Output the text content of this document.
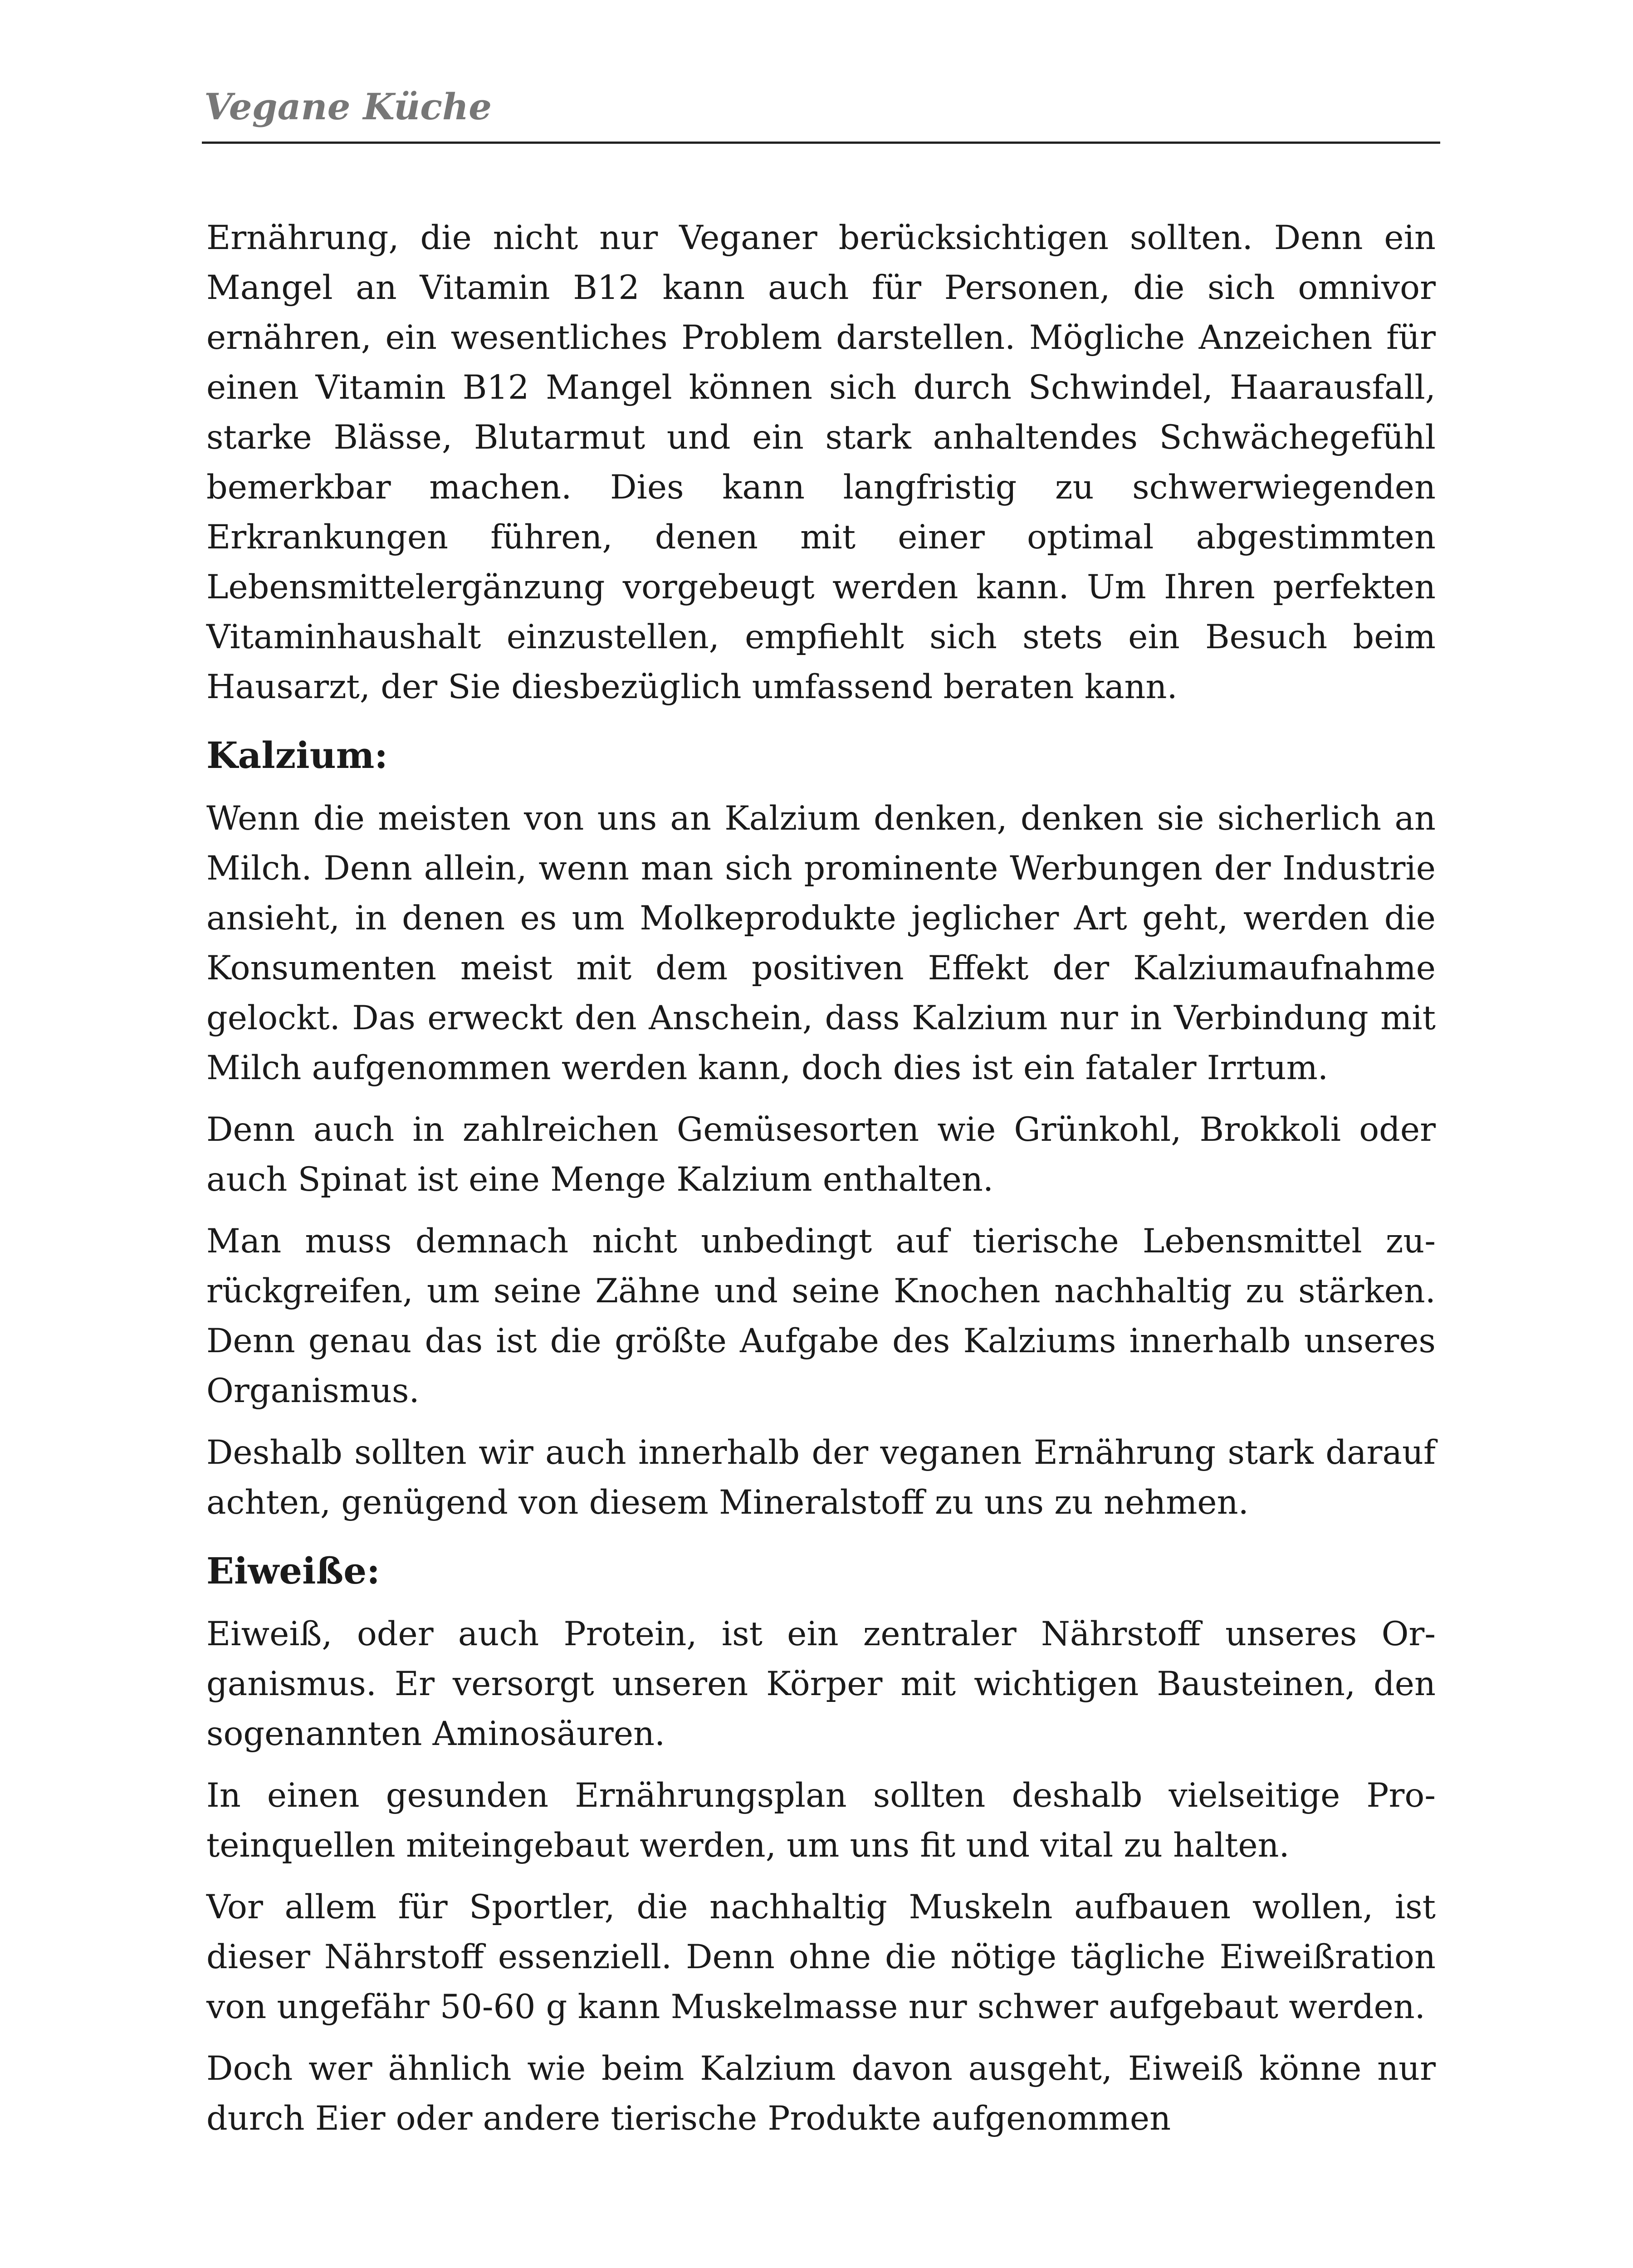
Vegane Küche

Ernährung, die nicht nur Veganer berücksichtigen sollten. Denn ein Mangel an Vitamin B12 kann auch für Personen, die sich omnivor ernähren, ein wesentliches Problem darstellen. Mögliche Anzeichen für einen Vitamin B12 Mangel können sich durch Schwindel, Haarausfall, starke Blässe, Blutarmut und ein stark anhaltendes Schwächegefühl bemerkbar machen. Dies kann langfristig zu schwerwiegenden Erkrankungen führen, denen mit einer optimal abgestimmten Lebensmittelergänzung vorgebeugt werden kann. Um Ihren perfekten Vitaminhaushalt einzustellen, empfiehlt sich stets ein Besuch beim Hausarzt, der Sie diesbezüglich umfassend beraten kann.

Kalzium:

Wenn die meisten von uns an Kalzium denken, denken sie sicherlich an Milch. Denn allein, wenn man sich prominente Werbungen der Industrie ansieht, in denen es um Molkeprodukte jeglicher Art geht, werden die Konsumenten meist mit dem positiven Effekt der Kalziumaufnahme gelockt. Das erweckt den Anschein, dass Kalzium nur in Verbindung mit Milch aufgenommen werden kann, doch dies ist ein fataler Irrtum.

Denn auch in zahlreichen Gemüsesorten wie Grünkohl, Brokkoli oder auch Spinat ist eine Menge Kalzium enthalten.

Man muss demnach nicht unbedingt auf tierische Lebensmittel zurückgreifen, um seine Zähne und seine Knochen nachhaltig zu stärken. Denn genau das ist die größte Aufgabe des Kalziums innerhalb unseres Organismus.

Deshalb sollten wir auch innerhalb der veganen Ernährung stark darauf achten, genügend von diesem Mineralstoff zu uns zu nehmen.

Eiweiße:

Eiweiß, oder auch Protein, ist ein zentraler Nährstoff unseres Organismus. Er versorgt unseren Körper mit wichtigen Bausteinen, den sogenannten Aminosäuren.

In einen gesunden Ernährungsplan sollten deshalb vielseitige Proteinquellen miteingebaut werden, um uns fit und vital zu halten.

Vor allem für Sportler, die nachhaltig Muskeln aufbauen wollen, ist dieser Nährstoff essenziell. Denn ohne die nötige tägliche Eiweißration von ungefähr 50-60 g kann Muskelmasse nur schwer aufgebaut werden.

Doch wer ähnlich wie beim Kalzium davon ausgeht, Eiweiß könne nur durch Eier oder andere tierische Produkte aufgenommen
